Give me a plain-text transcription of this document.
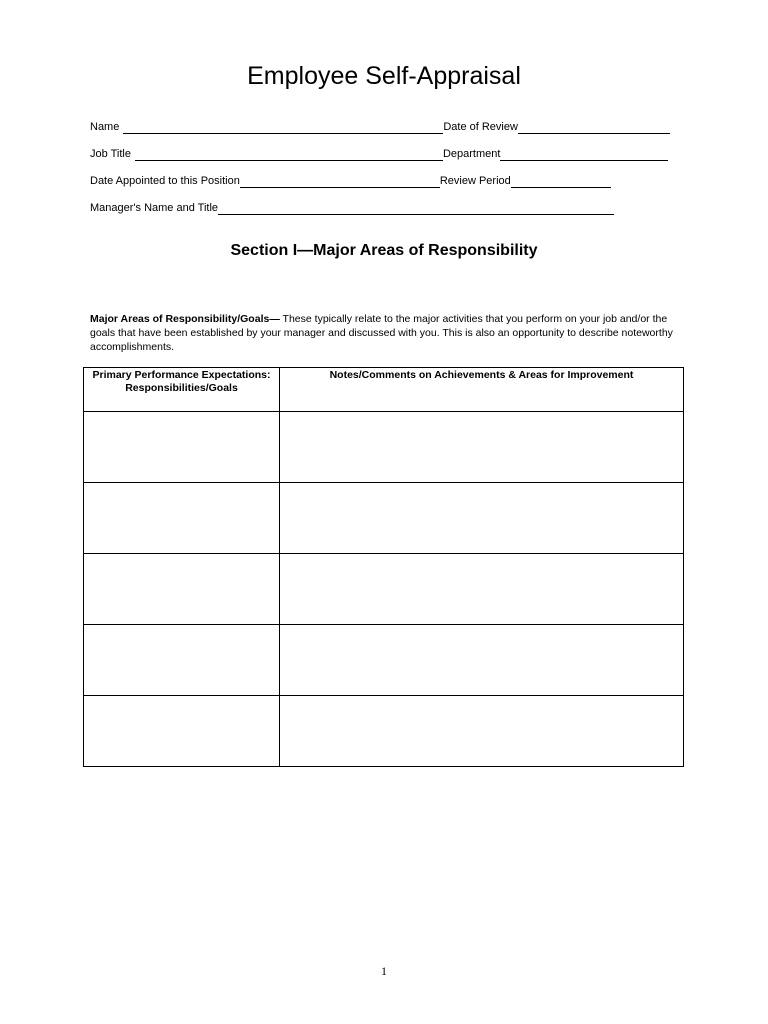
Employee Self-Appraisal
Name	Date of Review
Job Title	Department
Date Appointed to this Position	Review Period
Manager's Name and Title
Section I—Major Areas of Responsibility

Major Areas of Responsibility/Goals— These typically relate to the major activities that you perform on your job and/or the goals that have been established by your manager and discussed with you. This is also an opportunity to describe noteworthy accomplishments.

Primary Performance Expectations: Responsibilities/Goals	Notes/Comments on Achievements & Areas for Improvement

1
